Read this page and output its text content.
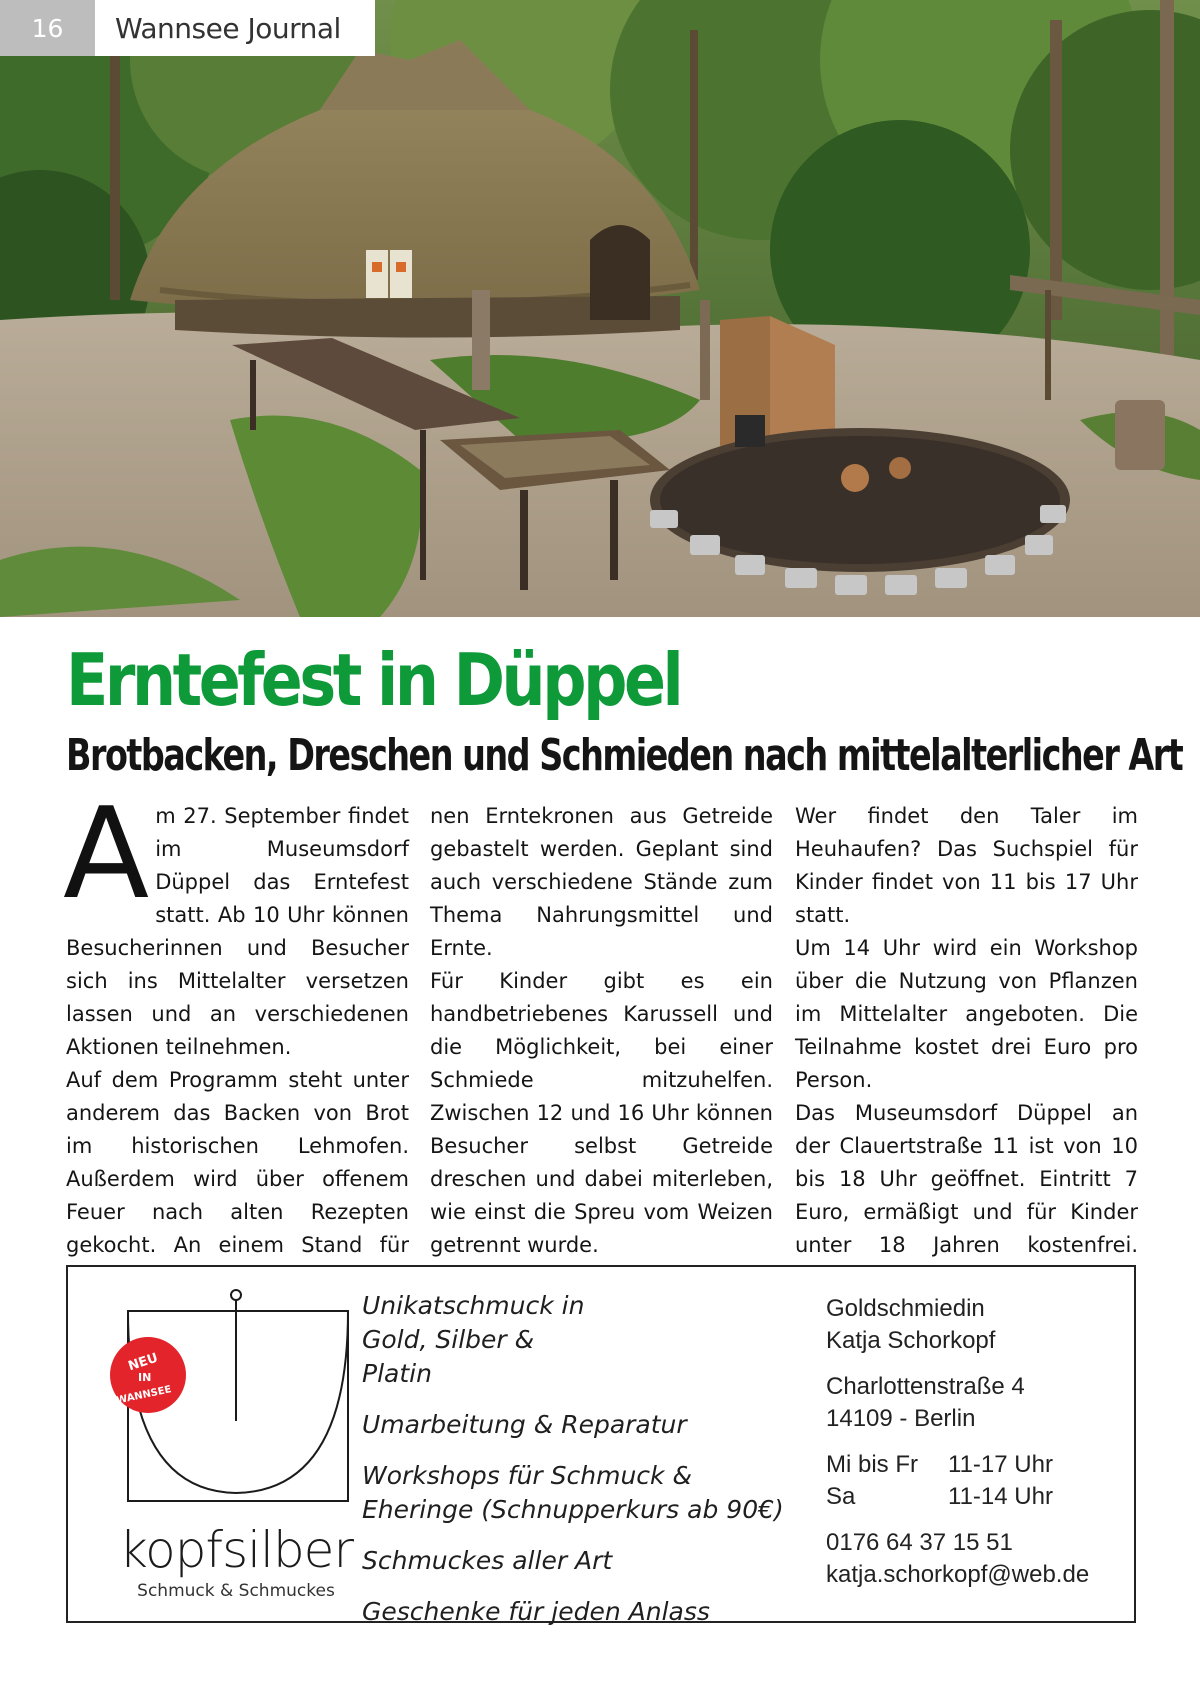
16	Wannsee Journal
Erntefest in Düppel
Brotbacken, Dreschen und Schmieden nach mittelalterlicher Art
A m 27. September findet im Museumsdorf Düppel das Erntefest statt. Ab 10 Uhr können Besucherinnen und Besucher sich ins Mittelalter versetzen lassen und an verschiedenen Aktionen teilnehmen.

Auf dem Programm steht unter anderem das Backen von Brot im historischen Lehmofen. Außerdem wird über offenem Feuer nach alten Rezepten gekocht. An einem Stand für

nen Erntekronen aus Getreide gebastelt werden. Geplant sind auch verschiedene Stände zum Thema Nahrungsmittel und Ernte.

Für Kinder gibt es ein handbetriebenes Karussell und die Möglichkeit, bei einer Schmiede mitzuhelfen. Zwischen 12 und 16 Uhr können Besucher selbst Getreide dreschen und dabei miterleben, wie einst die Spreu vom Weizen getrennt wurde.

Wer findet den Taler im Heuhaufen? Das Suchspiel für Kinder findet von 11 bis 17 Uhr statt.

Um 14 Uhr wird ein Workshop über die Nutzung von Pflanzen im Mittelalter angeboten. Die Teilnahme kostet drei Euro pro Person.

Das Museumsdorf Düppel an der Clauertstraße 11 ist von 10 bis 18 Uhr geöffnet. Eintritt 7 Euro, ermäßigt und für Kinder unter 18 Jahren kostenfrei.

NEU
IN
WANNSEE
kopfsilber
Schmuck & Schmuckes
Unikatschmuck in Gold, Silber & Platin
Umarbeitung & Reparatur
Workshops für Schmuck & Eheringe (Schnupperkurs ab 90€)
Schmuckes aller Art
Geschenke für jeden Anlass
Goldschmiedin
Katja Schorkopf
Charlottenstraße 4
14109 - Berlin
Mi bis Fr	11-17 Uhr
Sa	11-14 Uhr
0176 64 37 15 51
katja.schorkopf@web.de
